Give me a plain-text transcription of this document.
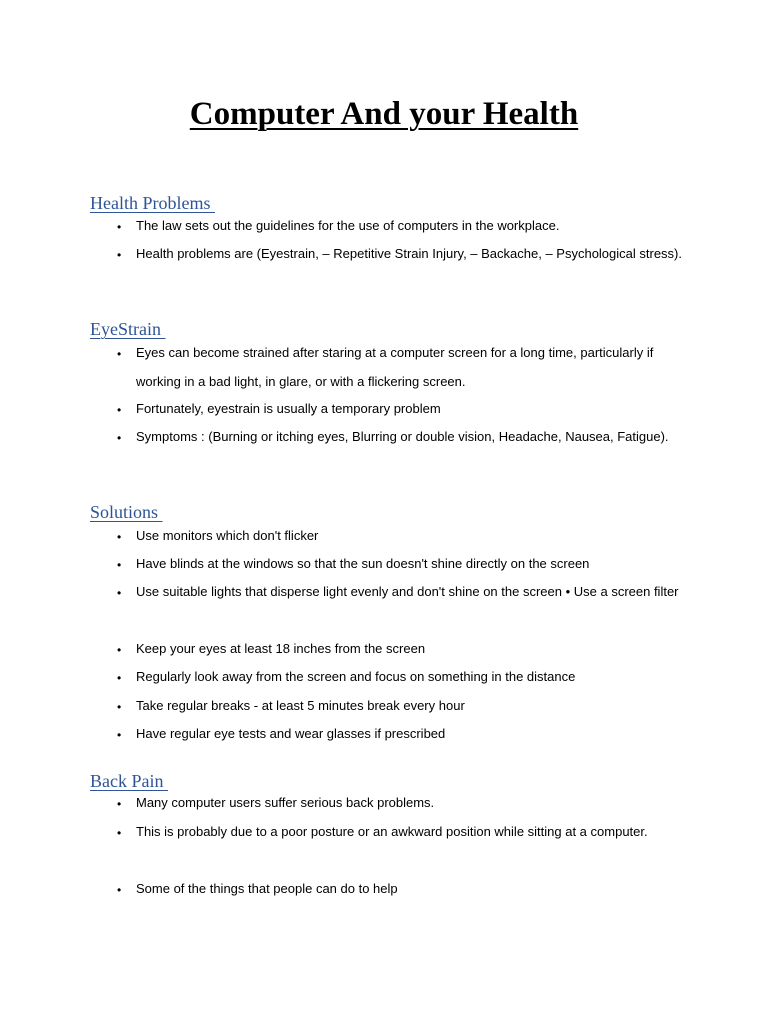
Computer And your Health
Health Problems
• The law sets out the guidelines for the use of computers in the workplace.

• Health problems are (Eyestrain, – Repetitive Strain Injury, – Backache, – Psychological stress).

EyeStrain
• Eyes can become strained after staring at a computer screen for a long time, particularly if working in a bad light, in glare, or with a flickering screen.

• Fortunately, eyestrain is usually a temporary problem

• Symptoms : (Burning or itching eyes, Blurring or double vision, Headache, Nausea, Fatigue).

Solutions
• Use monitors which don't flicker

• Have blinds at the windows so that the sun doesn't shine directly on the screen

• Use suitable lights that disperse light evenly and don't shine on the screen • Use a screen filter

• Keep your eyes at least 18 inches from the screen

• Regularly look away from the screen and focus on something in the distance

• Take regular breaks - at least 5 minutes break every hour

• Have regular eye tests and wear glasses if prescribed

Back Pain
• Many computer users suffer serious back problems.

• This is probably due to a poor posture or an awkward position while sitting at a computer.

• Some of the things that people can do to help
